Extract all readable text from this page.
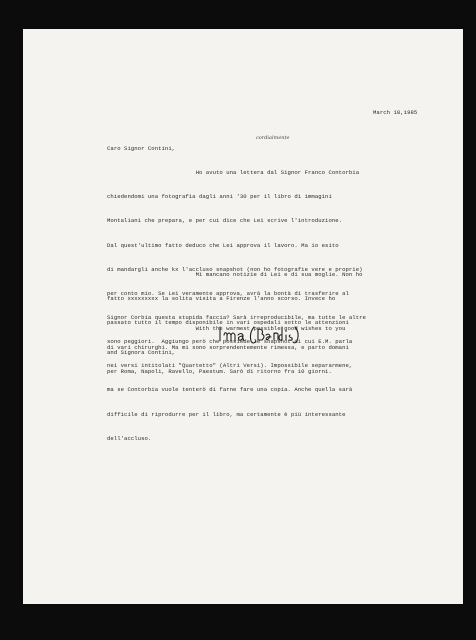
March 18,1985
cordialmente
Caro Signor Contini,

Ho avuto una lettera dal Signor Franco Contorbia

chiedendomi una fotografia dagli anni '30 per il libro di immagini

Montaliani che prepara, e per cui dice che Lei scrive l'introduzione.

Dal quest'ultimo fatto deduco che Lei approva il lavoro. Ma io esito

di mandargli anche kx l'accluso snapshot (non ho fotografie vere e proprie)

per conto mio. Se Lei veramente approva, avrà la bontà di trasferire al

Signor Corbia questa stupida faccia? Sarà irreproducibile, ma tutte le altre

sono peggiori.  Aggiungo però che possiede le snapshot di cui E.M. parla

nei versi intitolati "Quartetto" (Altri Versi). Impossibile separarmene,

ma se Contorbia vuole tenterò di farne fare una copia. Anche quella sarà

difficile di riprodurre per il libro, ma certamente è più interessante

dell'accluso.

Mi mancano notizie di Lei e di sua moglie. Non ho

fatto xxxxxxxxx la solita visita a Firenze l'anno scorso. Invece ho

passato tutto il tempo disponibile in vari ospedali sotto le attenzioni

di vari chirurghi. Ma mi sono sorprendentemente rimessa, e parto domani

per Roma, Napoli, Ravello, Paestum. Sarò di ritorno fra 10 giorni.

With the warmest possible good wishes to you

and Signora Contini,
